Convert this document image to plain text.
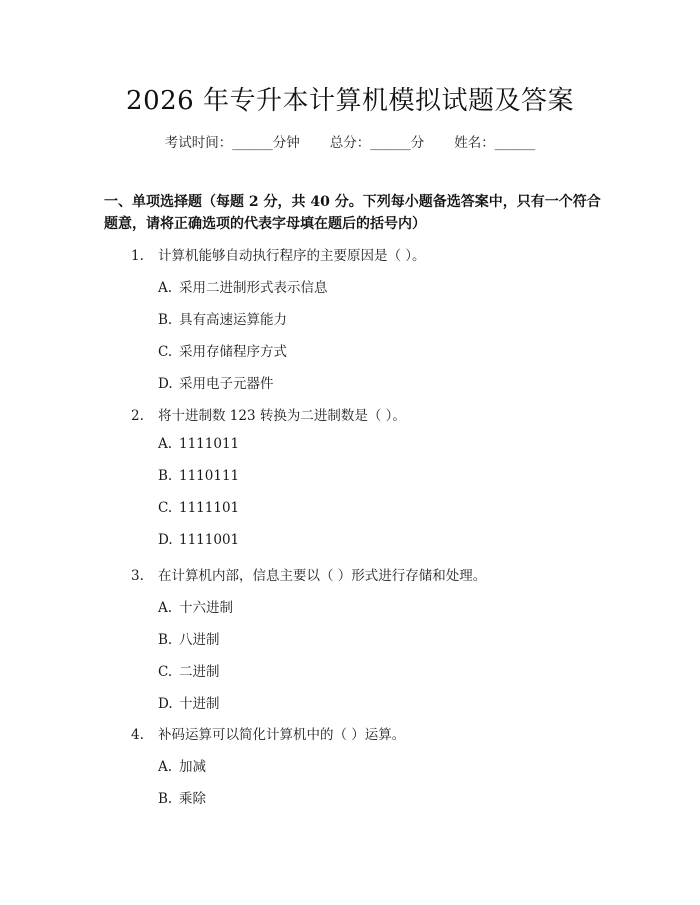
2026 年专升本计算机模拟试题及答案
考试时间：______分钟 总分：______分 姓名：______
一、单项选择题（每题 2 分，共 40 分。下列每小题备选答案中，只有一个符合题意，请将正确选项的代表字母填在题后的括号内）
1. 计算机能够自动执行程序的主要原因是（ ）。
A. 采用二进制形式表示信息
B. 具有高速运算能力
C. 采用存储程序方式
D. 采用电子元器件
2. 将十进制数 123 转换为二进制数是（ ）。
A. 1111011
B. 1110111
C. 1111101
D. 1111001
3. 在计算机内部，信息主要以（ ）形式进行存储和处理。
A. 十六进制
B. 八进制
C. 二进制
D. 十进制
4. 补码运算可以简化计算机中的（ ）运算。
A. 加减
B. 乘除
